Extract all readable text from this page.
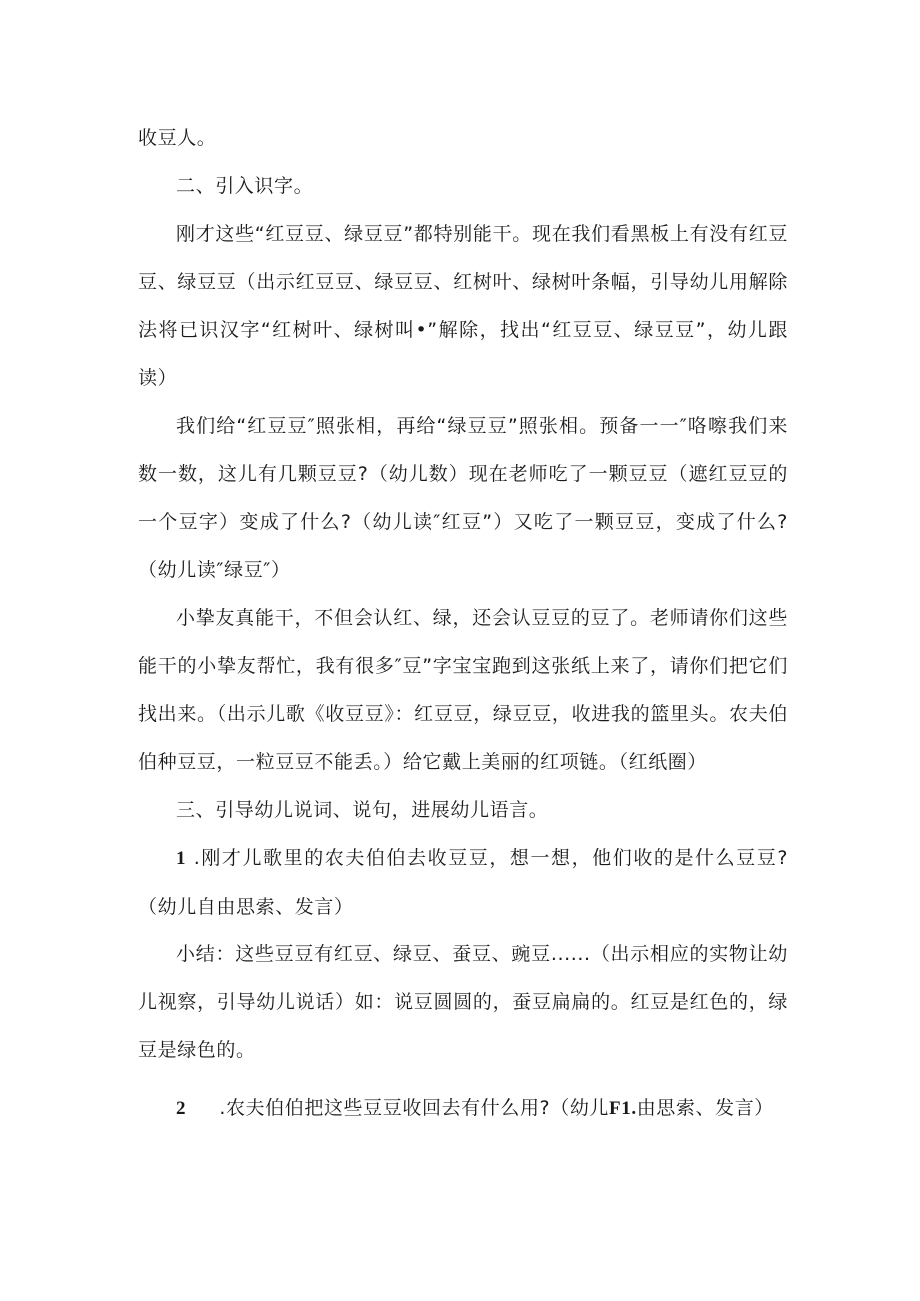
收豆人。

二、引入识字。

刚才这些“红豆豆、绿豆豆”都特别能干。现在我们看黑板上有没有红豆豆、绿豆豆（出示红豆豆、绿豆豆、红树叶、绿树叶条幅，引导幼儿用解除法将已识汉字“红树叶、绿树叫•”解除，找出“红豆豆、绿豆豆”，幼儿跟读）

我们给“红豆豆″照张相，再给“绿豆豆”照张相。预备一一″咯嚓我们来数一数，这儿有几颗豆豆?（幼儿数）现在老师吃了一颗豆豆（遮红豆豆的一个豆字）变成了什么?（幼儿读″红豆”）又吃了一颗豆豆，变成了什么?（幼儿读″绿豆″）

小挚友真能干，不但会认红、绿，还会认豆豆的豆了。老师请你们这些能干的小挚友帮忙，我有很多″豆”字宝宝跑到这张纸上来了，请你们把它们找出来。（出示儿歌《收豆豆》：红豆豆，绿豆豆，收进我的篮里头。农夫伯伯种豆豆，一粒豆豆不能丢。）给它戴上美丽的红项链。（红纸圈）

三、引导幼儿说词、说句，进展幼儿语言。

1 .刚才儿歌里的农夫伯伯去收豆豆，想一想，他们收的是什么豆豆?（幼儿自由思索、发言）

小结：这些豆豆有红豆、绿豆、蚕豆、豌豆......（出示相应的实物让幼儿视察，引导幼儿说话）如：说豆圆圆的，蚕豆扁扁的。红豆是红色的，绿豆是绿色的。

2 .农夫伯伯把这些豆豆收回去有什么用?（幼儿F1.由思索、发言）
